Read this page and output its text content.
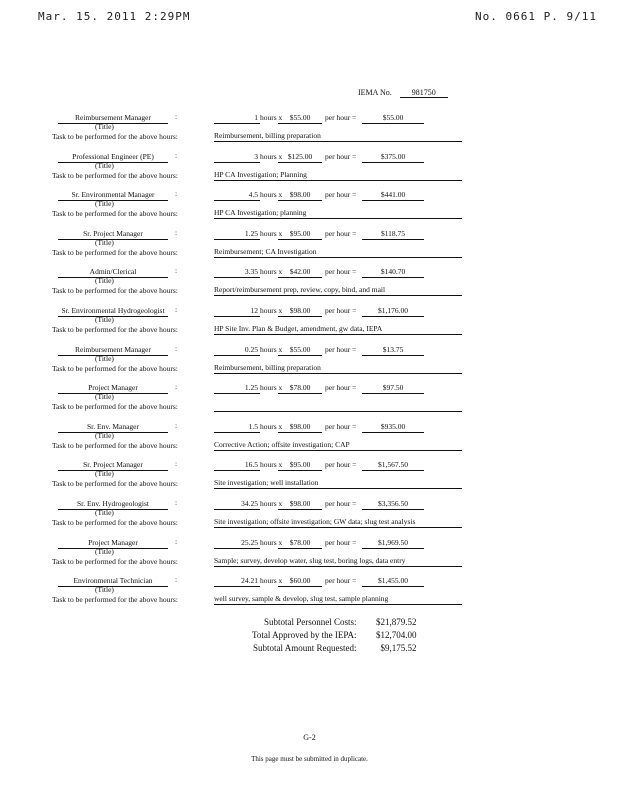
Mar. 15. 2011 2:29PM	No. 0661 P. 9/11
IEMA No.	981750
Reimbursement Manager	:
(Title)
Task to be performed for the above hours:
1 hours x $55.00	per hour =	$55.00
Reimbursement, billing preparation
Professional Engineer (PE)	:
(Title)
Task to be performed for the above hours:
3 hours x $125.00	per hour =	$375.00
HP CA Investigation; Planning
Sr. Environmental Manager	:
(Title)
Task to be performed for the above hours:
4.5 hours x $98.00	per hour =	$441.00
HP CA Investigation; planning
Sr. Project Manager	:
(Title)
Task to be performed for the above hours:
1.25 hours x $95.00	per hour =	$118.75
Reimbursement; CA Investigation
Admin/Clerical	:
(Title)
Task to be performed for the above hours:
3.35 hours x $42.00	per hour =	$140.70
Report/reimbursement prep, review, copy, bind, and mail
Sr. Environmental Hydrogeologist	:
(Title)
Task to be performed for the above hours:
12 hours x $98.00	per hour =	$1,176.00
HP Site Inv. Plan & Budget, amendment, gw data, IEPA
Reimbursement Manager	:
(Title)
Task to be performed for the above hours:
0.25 hours x $55.00	per hour =	$13.75
Reimbursement, billing preparation
Project Manager	:
(Title)
Task to be performed for the above hours:
1.25 hours x $78.00	per hour =	$97.50
Sr. Env. Manager	:
(Title)
Task to be performed for the above hours:
1.5 hours x $98.00	per hour =	$935.00
Corrective Action; offsite investigation; CAP
Sr. Project Manager	:
(Title)
Task to be performed for the above hours:
16.5 hours x $95.00	per hour =	$1,567.50
Site investigation; well installation
Sr. Env. Hydrogeologist	:
(Title)
Task to be performed for the above hours:
34.25 hours x $98.00	per hour =	$3,356.50
Site investigation; offsite investigation; GW data; slug test analysis
Project Manager	:
(Title)
Task to be performed for the above hours:
25.25 hours x $78.00	per hour =	$1,969.50
Sample; survey, develop water, slug test, boring logs, data entry
Environmental Technician	:
(Title)
Task to be performed for the above hours:
24.21 hours x $60.00	per hour =	$1,455.00
well survey, sample & develop, slug test, sample planning
Subtotal Personnel Costs:	$21,879.52
Total Approved by the IEPA:	$12,704.00
Subtotal Amount Requested:	$9,175.52
G-2
This page must be submitted in duplicate.
